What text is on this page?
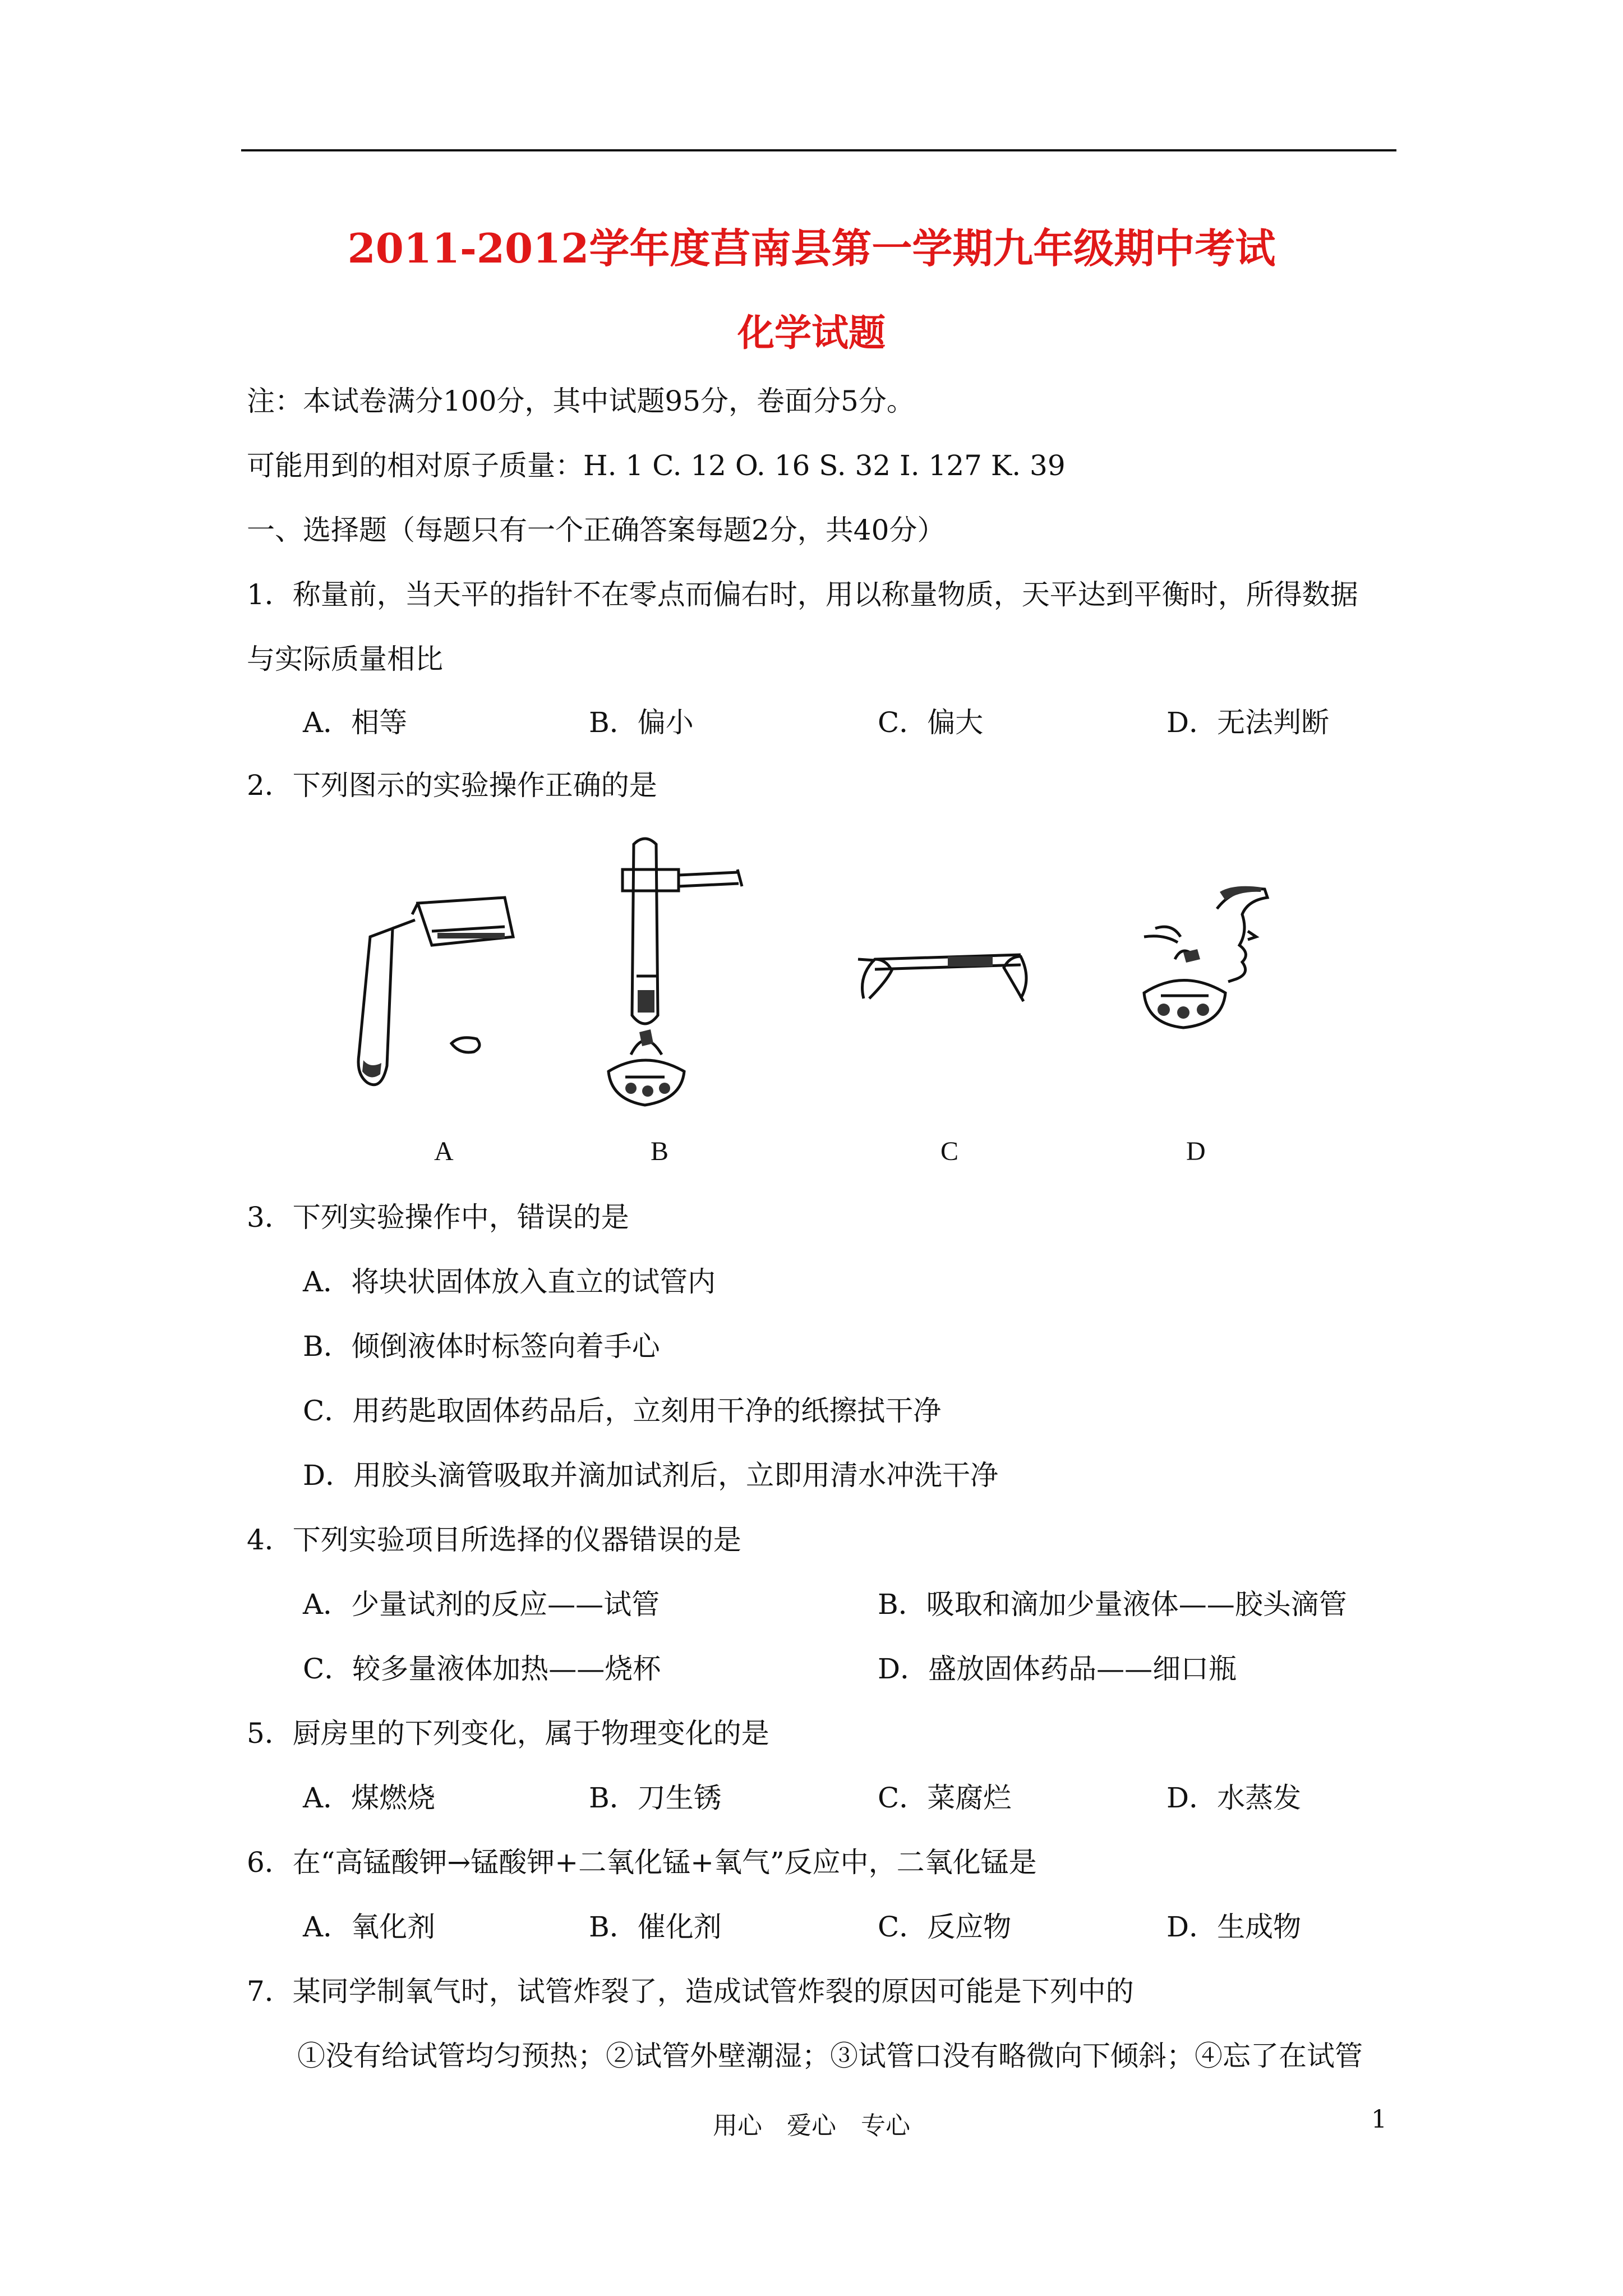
2011-2012学年度莒南县第一学期九年级期中考试
化学试题
注：本试卷满分100分，其中试题95分，卷面分5分。
可能用到的相对原子质量：H. 1 C. 12 O. 16 S. 32 I. 127 K. 39
一、选择题（每题只有一个正确答案每题2分，共40分）
1．称量前，当天平的指针不在零点而偏右时，用以称量物质，天平达到平衡时，所得数据
与实际质量相比
A．相等	B．偏小	C．偏大	D．无法判断
2．下列图示的实验操作正确的是
A	B	C	D
3．下列实验操作中，错误的是
A．将块状固体放入直立的试管内
B．倾倒液体时标签向着手心
C．用药匙取固体药品后，立刻用干净的纸擦拭干净
D．用胶头滴管吸取并滴加试剂后，立即用清水冲洗干净
4．下列实验项目所选择的仪器错误的是
A．少量试剂的反应——试管	B．吸取和滴加少量液体——胶头滴管
C．较多量液体加热——烧杯	D．盛放固体药品——细口瓶
5．厨房里的下列变化，属于物理变化的是
A．煤燃烧	B．刀生锈	C．菜腐烂	D．水蒸发
6．在“高锰酸钾→锰酸钾+二氧化锰+氧气”反应中，二氧化锰是
A．氧化剂	B．催化剂	C．反应物	D．生成物
7．某同学制氧气时，试管炸裂了，造成试管炸裂的原因可能是下列中的
①没有给试管均匀预热；②试管外壁潮湿；③试管口没有略微向下倾斜；④忘了在试管
用心 爱心 专心	1
